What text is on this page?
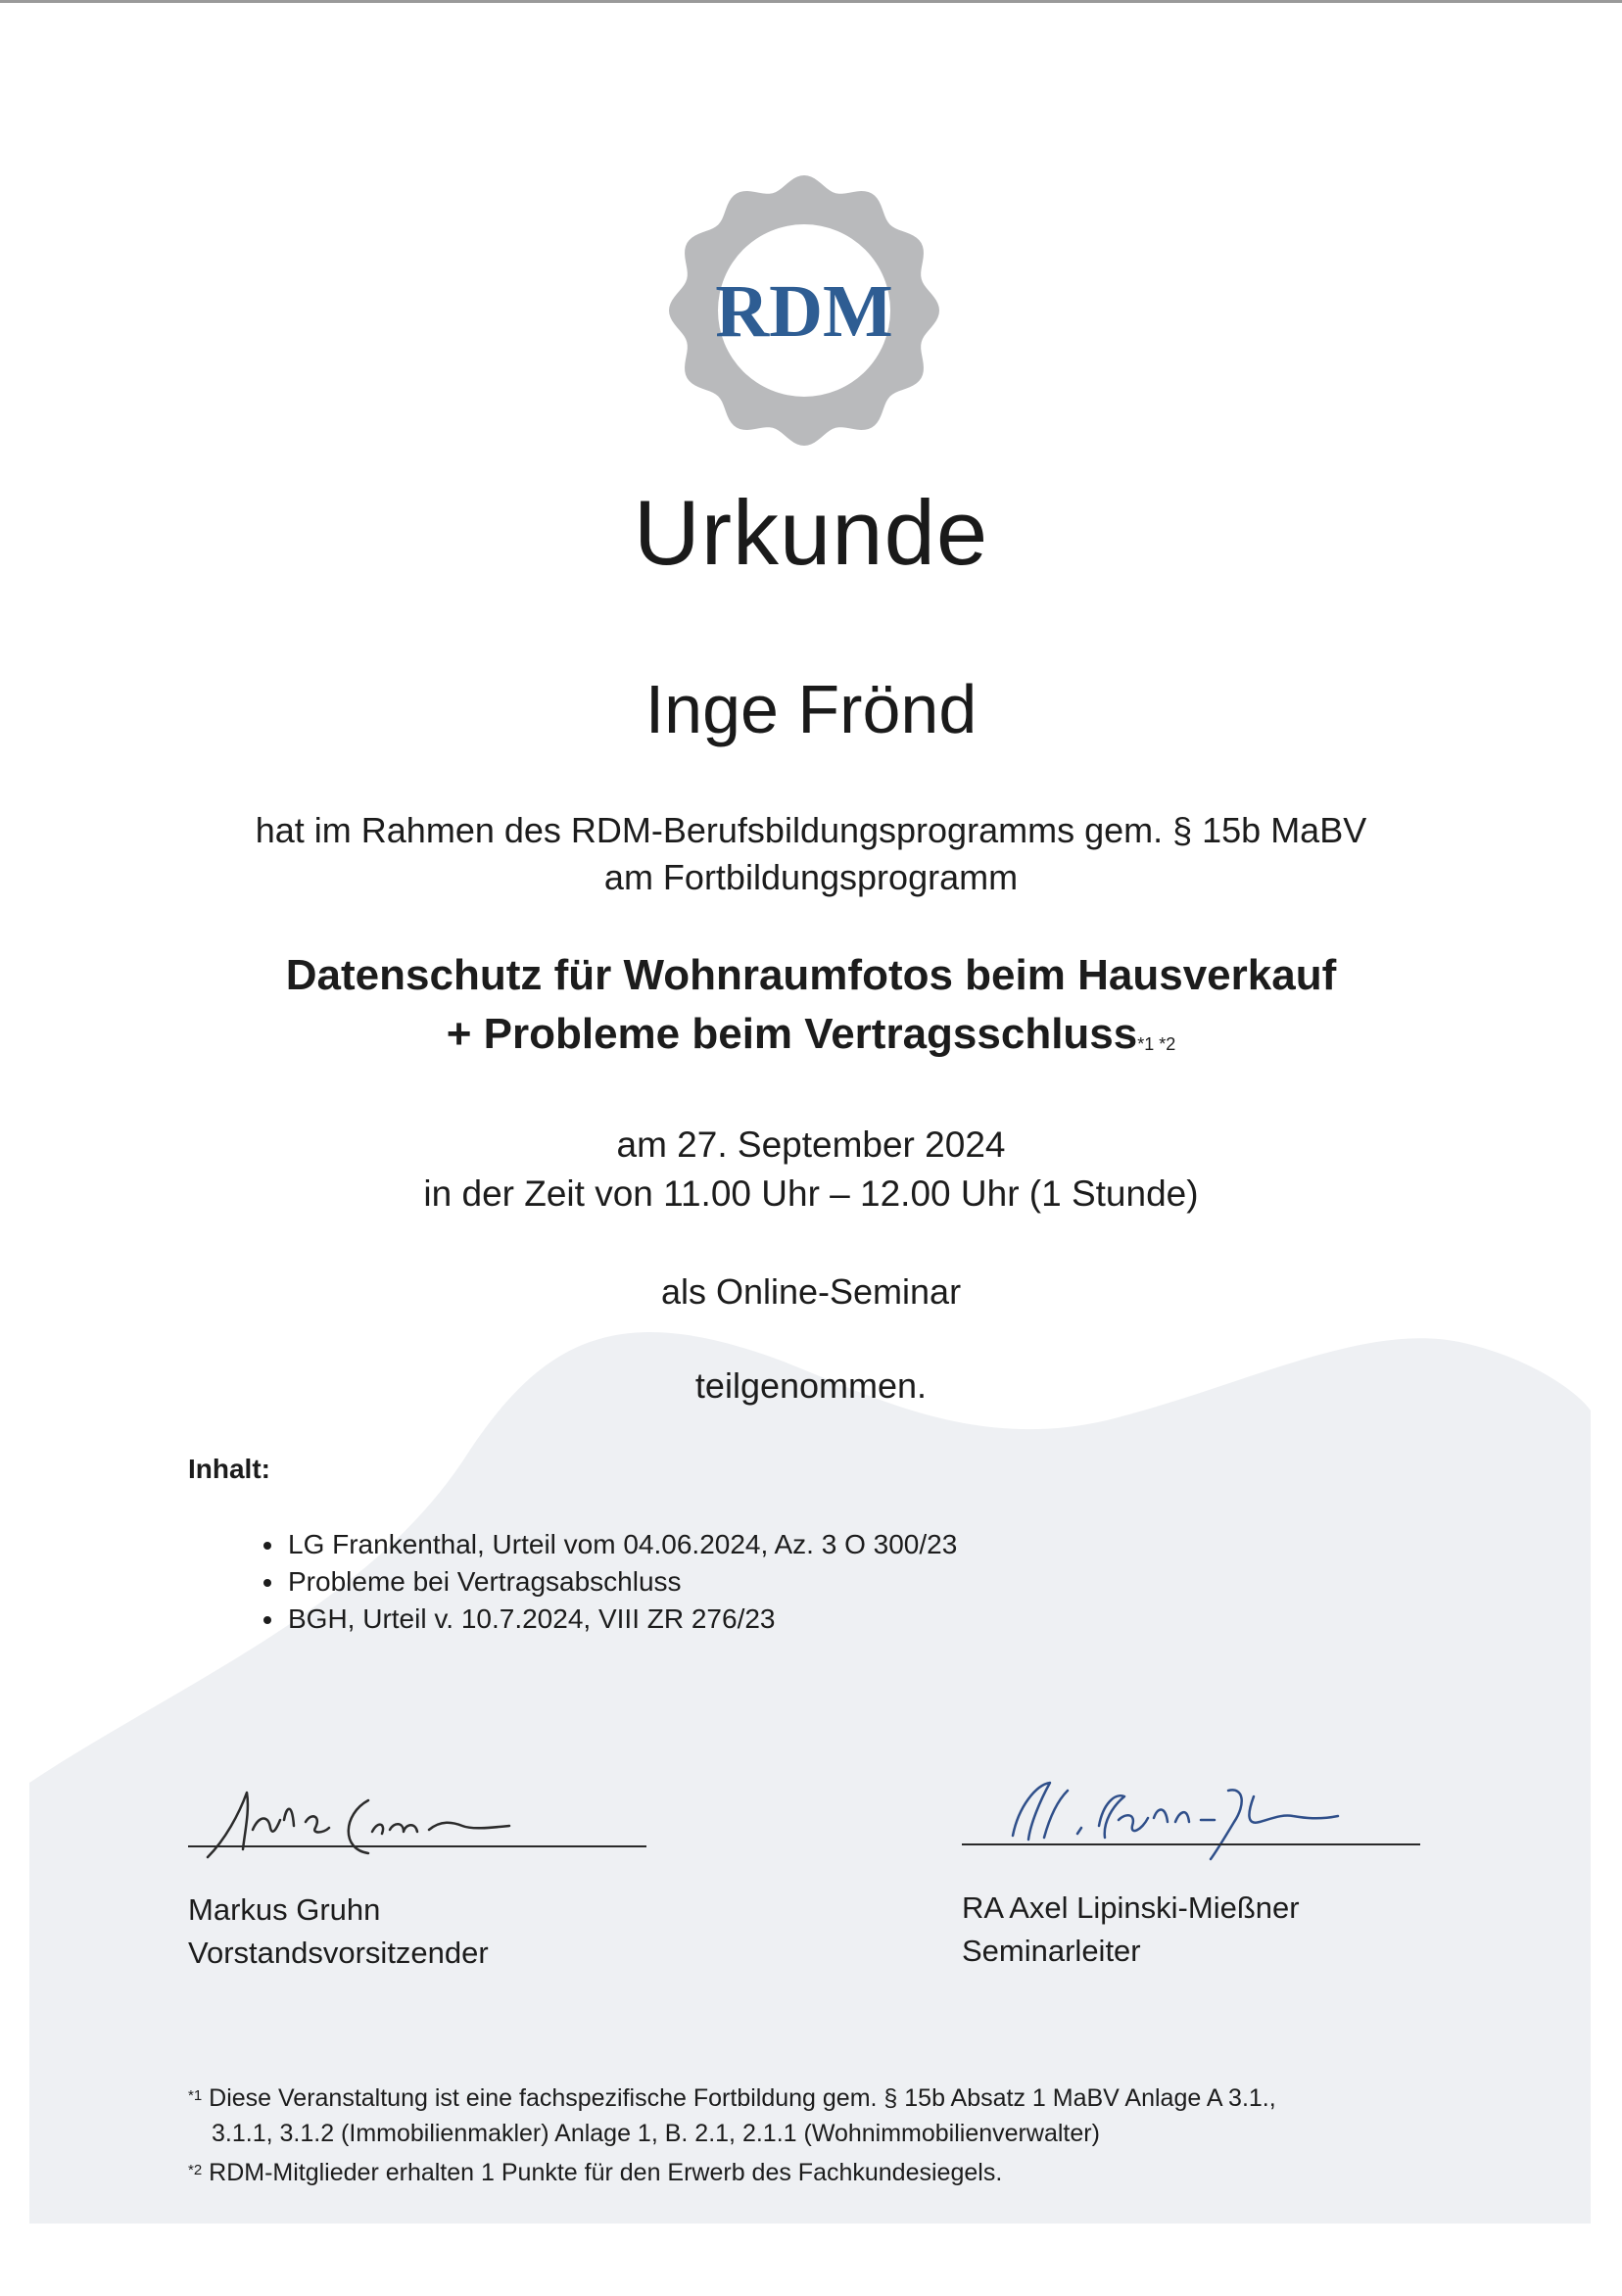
RDM
Urkunde
Inge Frönd
hat im Rahmen des RDM-Berufsbildungsprogramms gem. § 15b MaBV
am Fortbildungsprogramm
Datenschutz für Wohnraumfotos beim Hausverkauf
+ Probleme beim Vertragsschluss$^{*1 *2}$
am 27. September 2024
in der Zeit von 11.00 Uhr – 12.00 Uhr (1 Stunde)
als Online-Seminar
teilgenommen.
Inhalt:
• LG Frankenthal, Urteil vom 04.06.2024, Az. 3 O 300/23
• Probleme bei Vertragsabschluss
• BGH, Urteil v. 10.7.2024, VIII ZR 276/23
Markus Gruhn
Vorstandsvorsitzender
RA Axel Lipinski-Mießner
Seminarleiter
$^{*1}$ Diese Veranstaltung ist eine fachspezifische Fortbildung gem. § 15b Absatz 1 MaBV Anlage A 3.1.,
3.1.1, 3.1.2 (Immobilienmakler) Anlage 1, B. 2.1, 2.1.1 (Wohnimmobilienverwalter)
$^{*2}$ RDM-Mitglieder erhalten 1 Punkte für den Erwerb des Fachkundesiegels.
